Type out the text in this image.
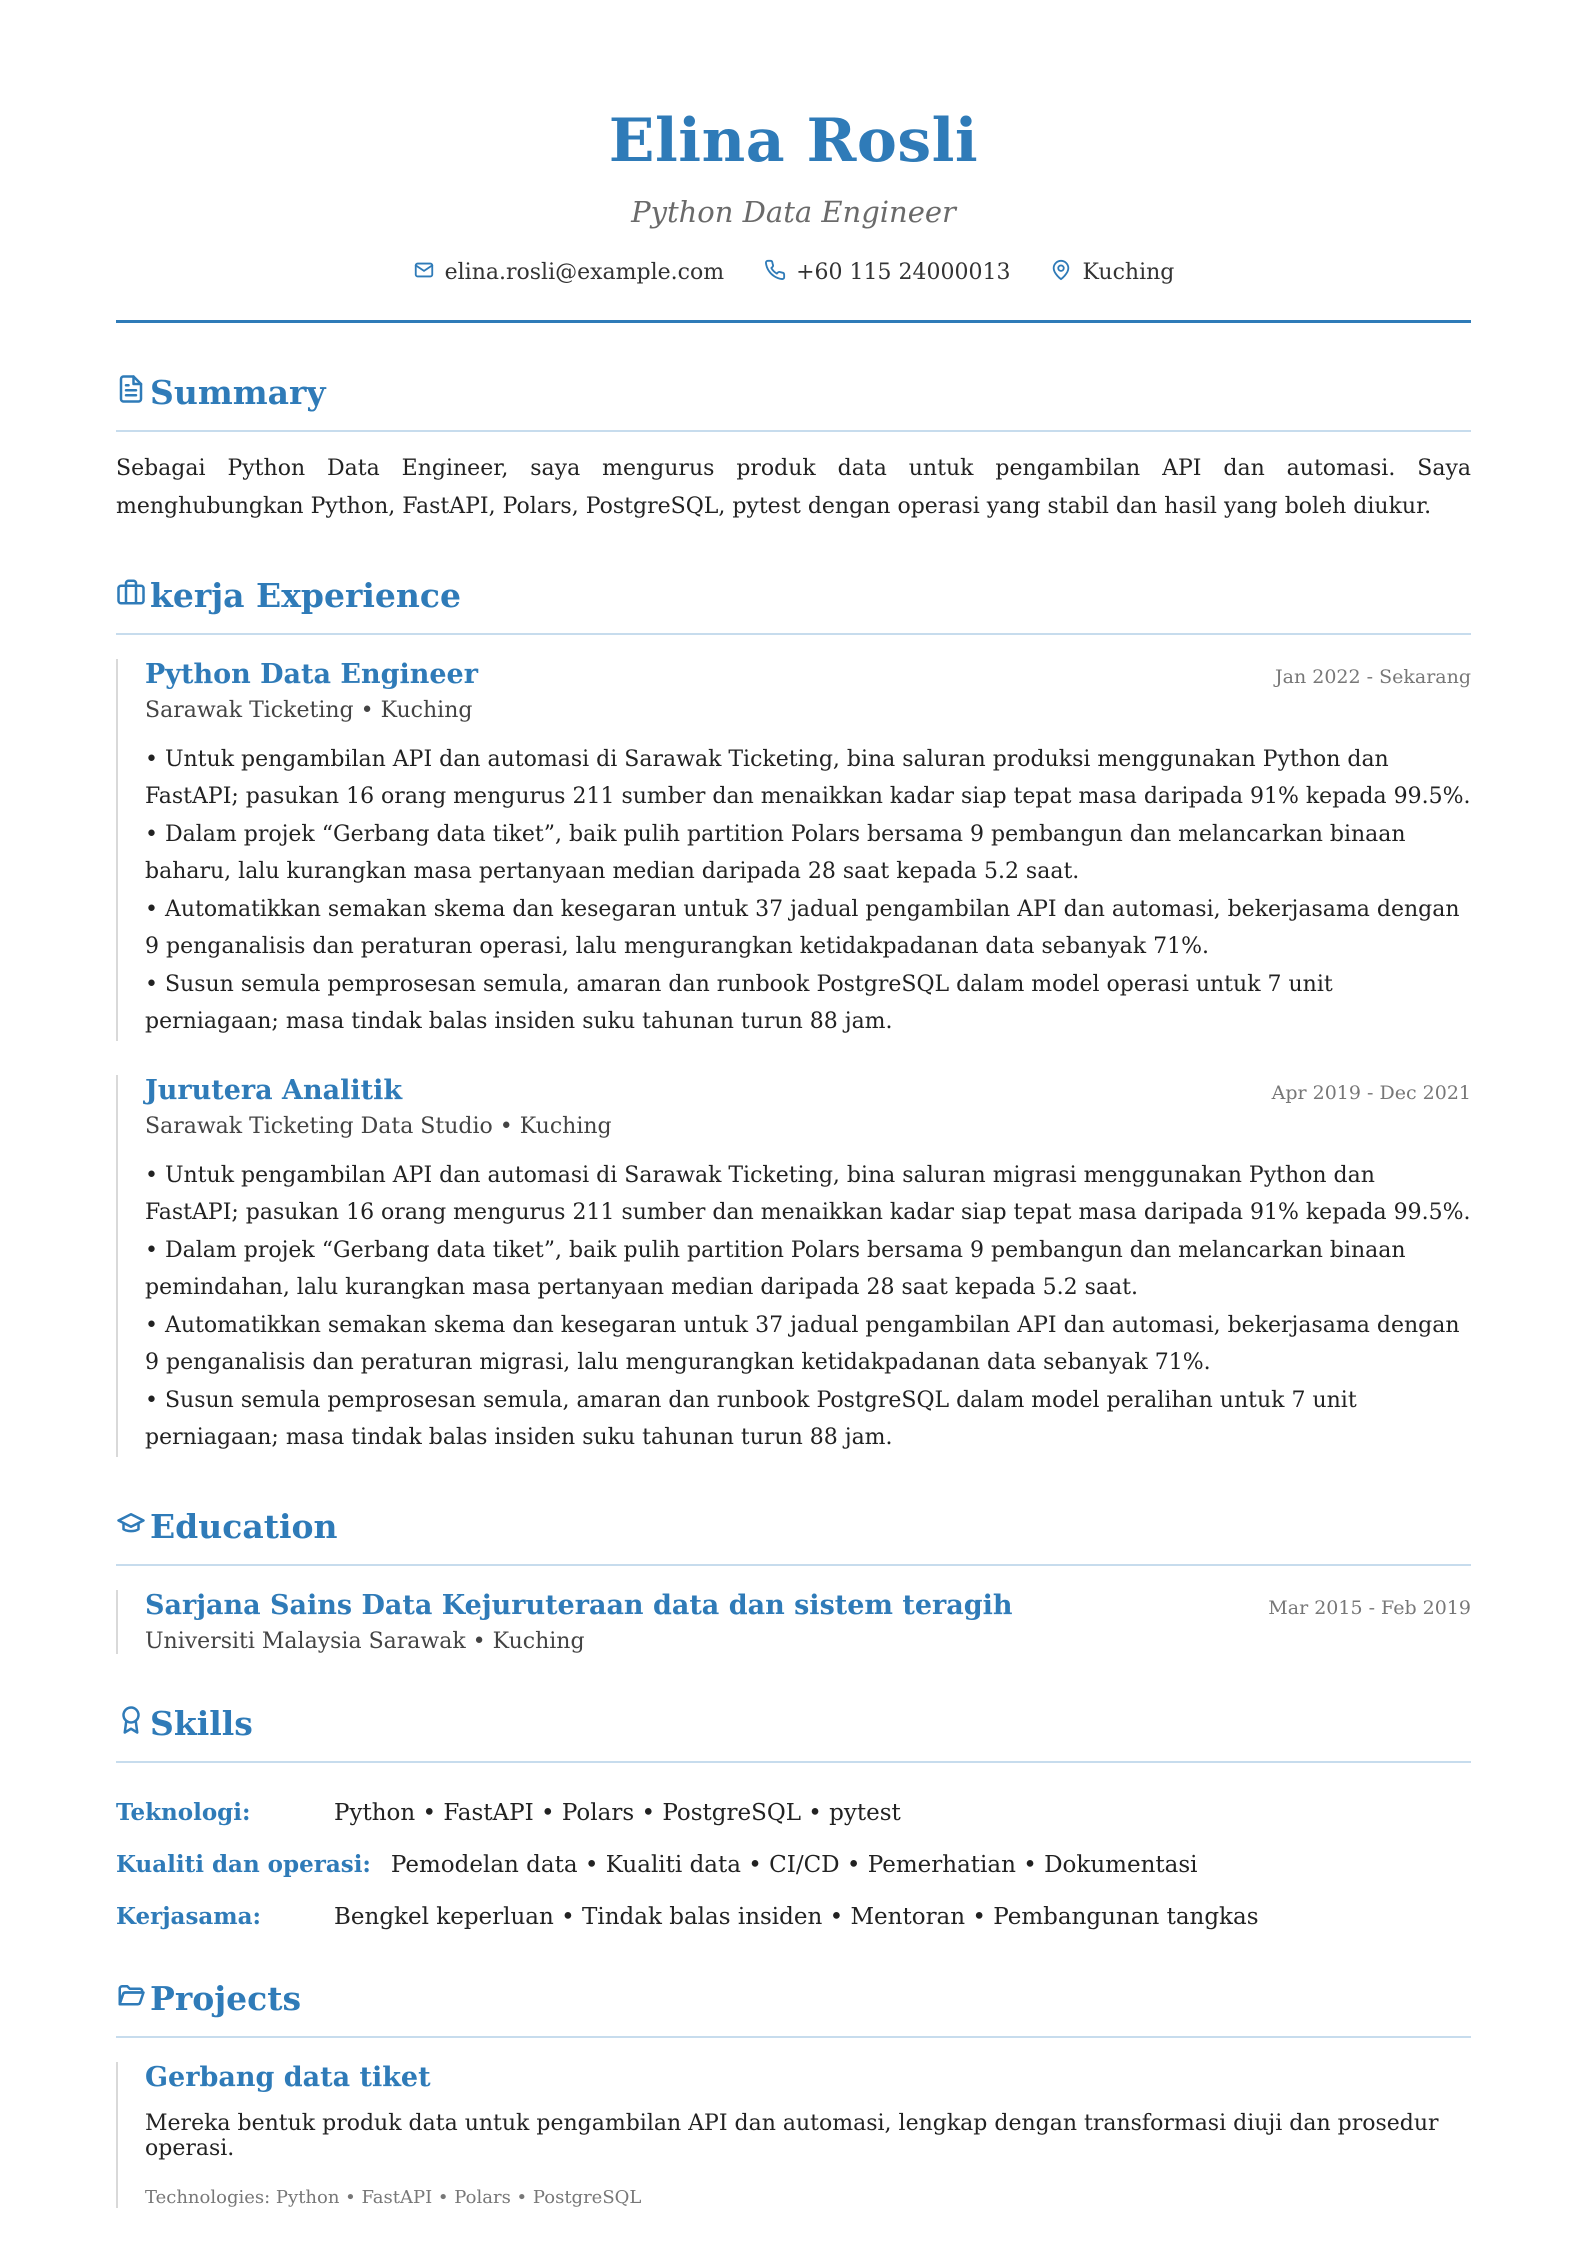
Elina Rosli
Python Data Engineer
elina.rosli@example.com	+60 115 24000013	Kuching
Summary
Sebagai Python Data Engineer, saya mengurus produk data untuk pengambilan API dan automasi. Saya menghubungkan Python, FastAPI, Polars, PostgreSQL, pytest dengan operasi yang stabil dan hasil yang boleh diukur.
kerja Experience
Python Data Engineer	Jan 2022 - Sekarang
Sarawak Ticketing • Kuching
• Untuk pengambilan API dan automasi di Sarawak Ticketing, bina saluran produksi menggunakan Python dan FastAPI; pasukan 16 orang mengurus 211 sumber dan menaikkan kadar siap tepat masa daripada 91% kepada 99.5%.
• Dalam projek “Gerbang data tiket”, baik pulih partition Polars bersama 9 pembangun dan melancarkan binaan baharu, lalu kurangkan masa pertanyaan median daripada 28 saat kepada 5.2 saat.
• Automatikkan semakan skema dan kesegaran untuk 37 jadual pengambilan API dan automasi, bekerjasama dengan 9 penganalisis dan peraturan operasi, lalu mengurangkan ketidakpadanan data sebanyak 71%.
• Susun semula pemprosesan semula, amaran dan runbook PostgreSQL dalam model operasi untuk 7 unit perniagaan; masa tindak balas insiden suku tahunan turun 88 jam.
Jurutera Analitik	Apr 2019 - Dec 2021
Sarawak Ticketing Data Studio • Kuching
• Untuk pengambilan API dan automasi di Sarawak Ticketing, bina saluran migrasi menggunakan Python dan FastAPI; pasukan 16 orang mengurus 211 sumber dan menaikkan kadar siap tepat masa daripada 91% kepada 99.5%.
• Dalam projek “Gerbang data tiket”, baik pulih partition Polars bersama 9 pembangun dan melancarkan binaan pemindahan, lalu kurangkan masa pertanyaan median daripada 28 saat kepada 5.2 saat.
• Automatikkan semakan skema dan kesegaran untuk 37 jadual pengambilan API dan automasi, bekerjasama dengan 9 penganalisis dan peraturan migrasi, lalu mengurangkan ketidakpadanan data sebanyak 71%.
• Susun semula pemprosesan semula, amaran dan runbook PostgreSQL dalam model peralihan untuk 7 unit perniagaan; masa tindak balas insiden suku tahunan turun 88 jam.
Education
Sarjana Sains Data Kejuruteraan data dan sistem teragih	Mar 2015 - Feb 2019
Universiti Malaysia Sarawak • Kuching
Skills
Teknologi:	Python • FastAPI • Polars • PostgreSQL • pytest
Kualiti dan operasi: Pemodelan data • Kualiti data • CI/CD • Pemerhatian • Dokumentasi
Kerjasama:	Bengkel keperluan • Tindak balas insiden • Mentoran • Pembangunan tangkas
Projects
Gerbang data tiket
Mereka bentuk produk data untuk pengambilan API dan automasi, lengkap dengan transformasi diuji dan prosedur operasi.
Technologies: Python • FastAPI • Polars • PostgreSQL
